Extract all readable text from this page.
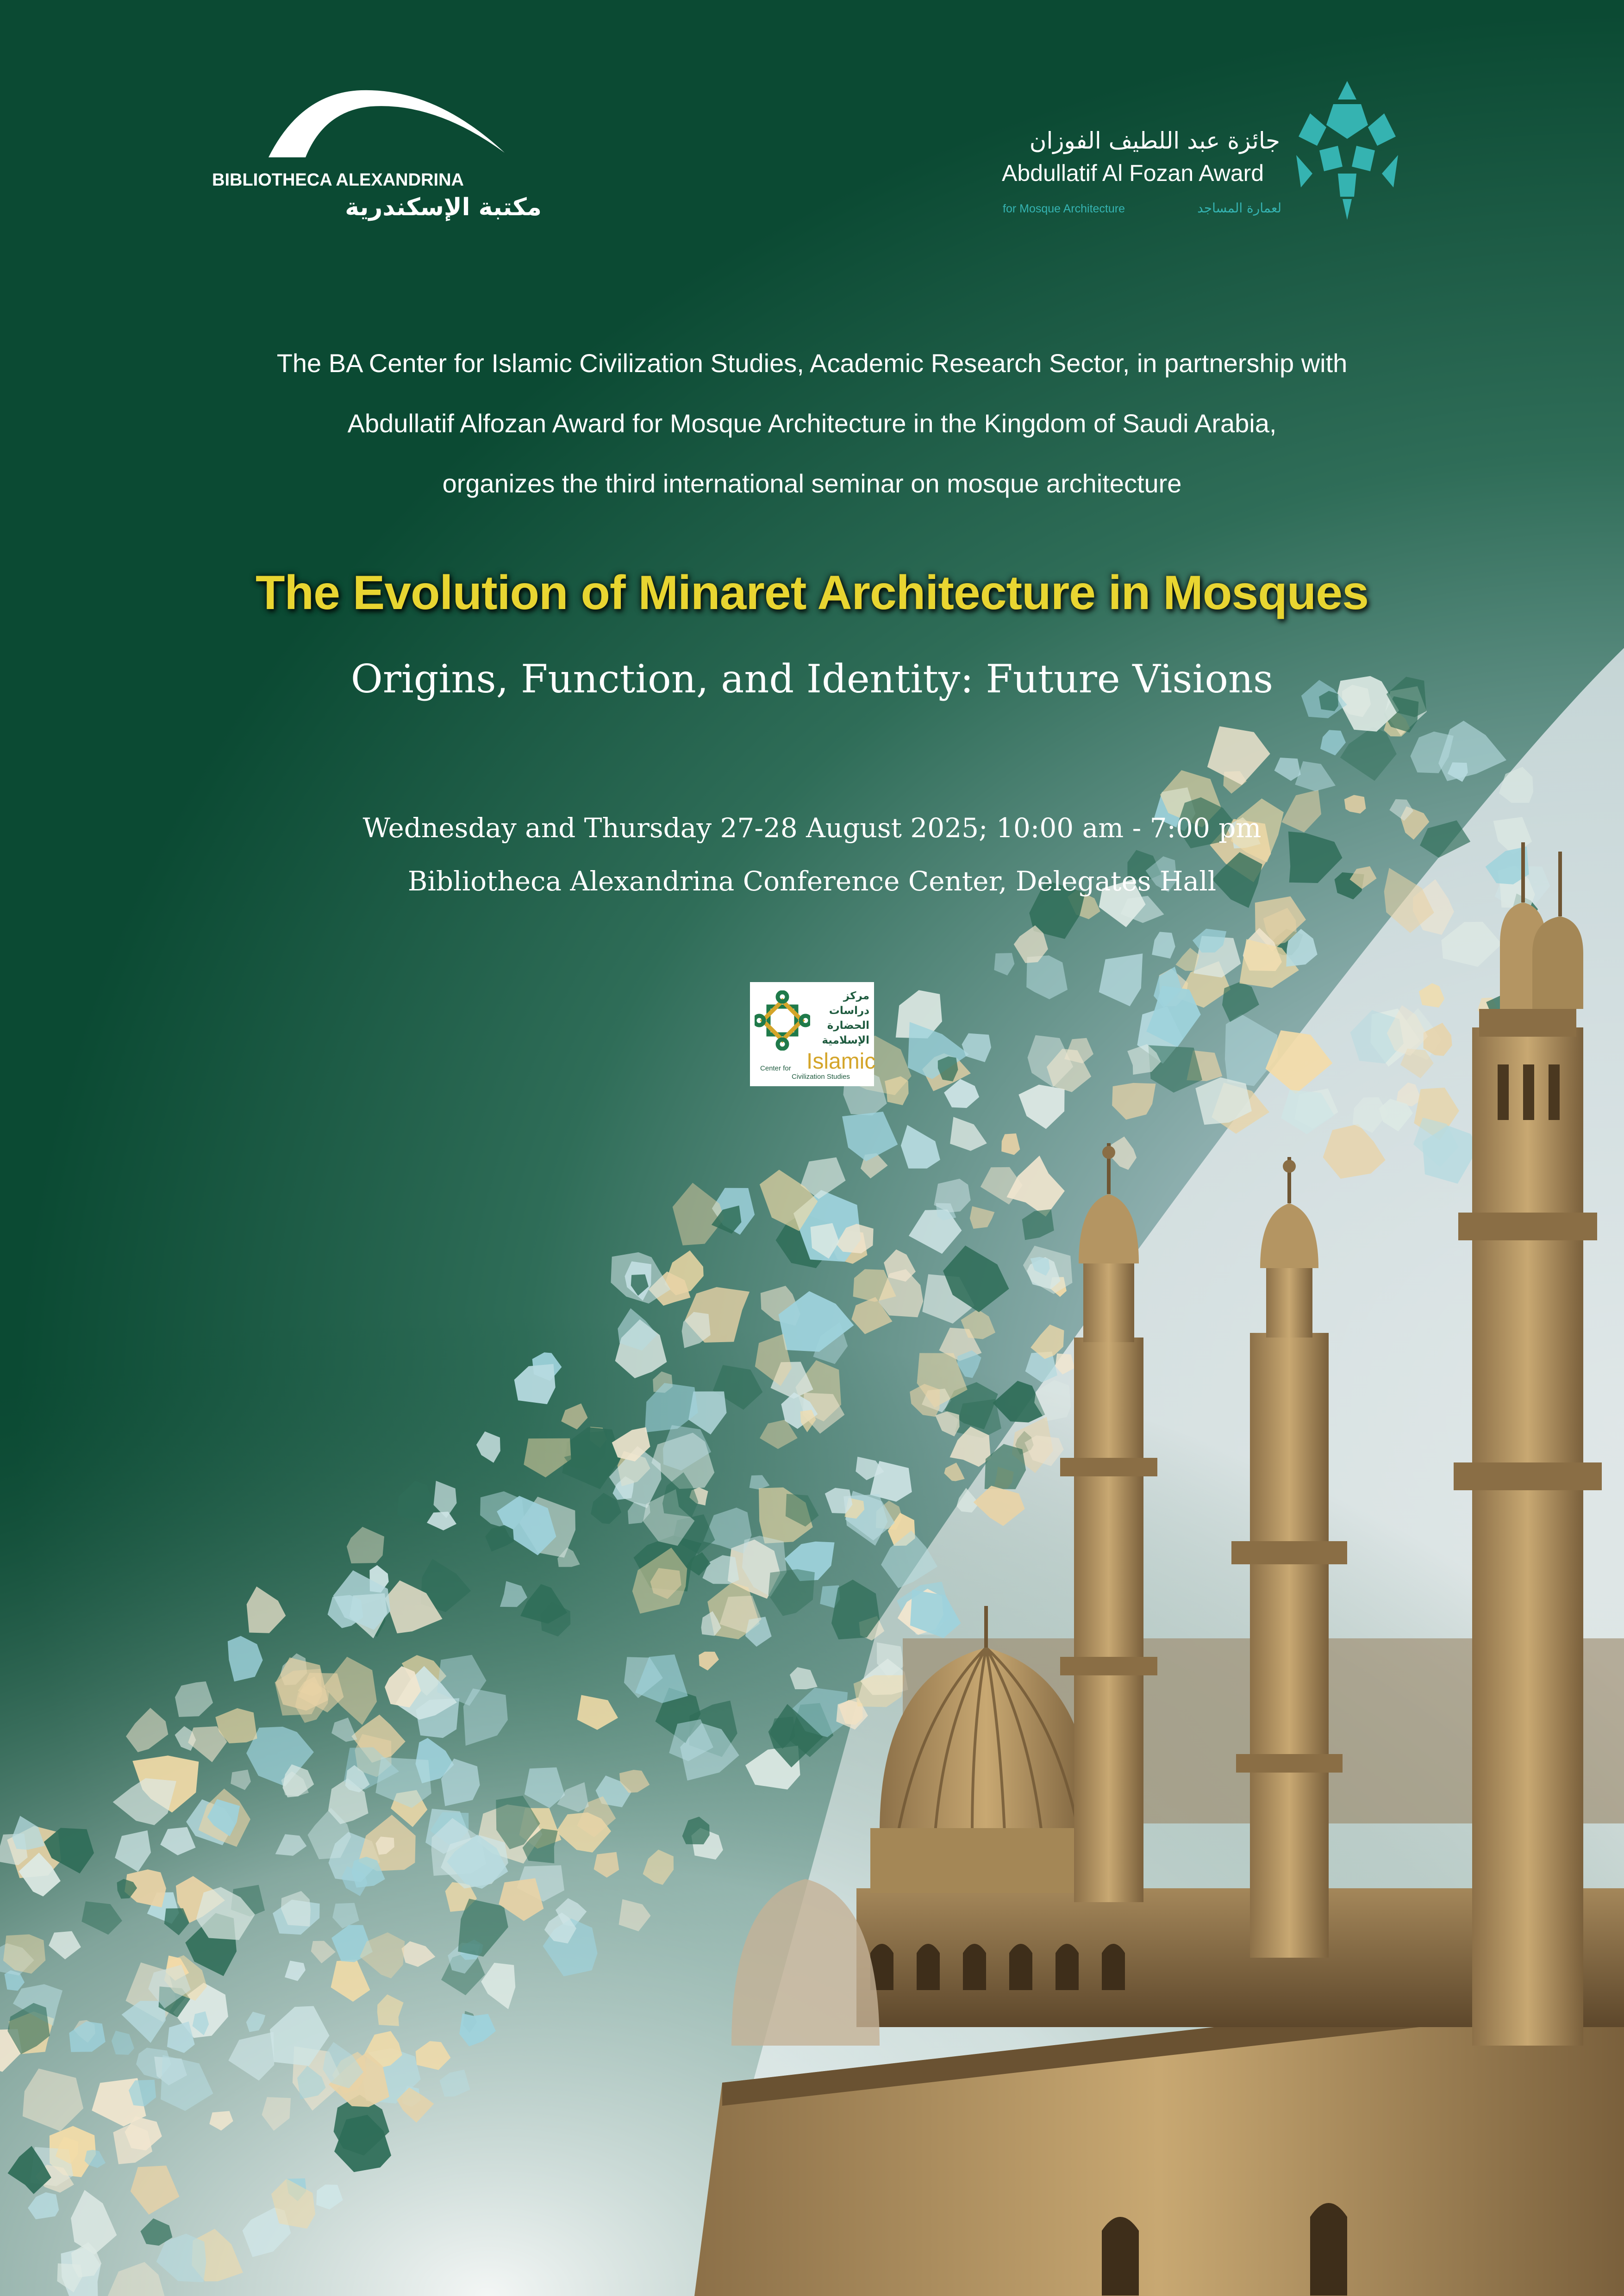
BIBLIOTHECA ALEXANDRINA
مكتبة الإسكندرية
جائزة عبد اللطيف الفوزان
Abdullatif Al Fozan Award
for Mosque Architecture	لعمارة المساجد
The BA Center for Islamic Civilization Studies, Academic Research Sector, in partnership with
Abdullatif Alfozan Award for Mosque Architecture in the Kingdom of Saudi Arabia,
organizes the third international seminar on mosque architecture
The Evolution of Minaret Architecture in Mosques
Origins, Function, and Identity: Future Visions
Wednesday and Thursday 27-28 August 2025; 10:00 am - 7:00 pm
Bibliotheca Alexandrina Conference Center, Delegates Hall
مركز
دراسات
الحضارة
الإسلامية
Islamic
Center for
Civilization Studies
